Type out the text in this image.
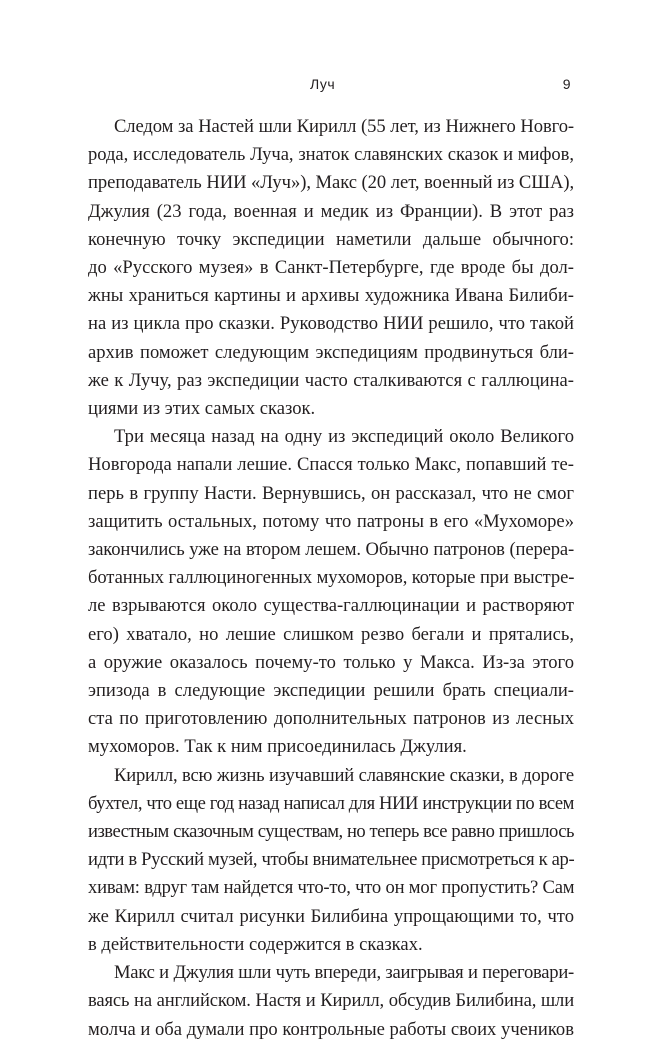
Луч	9
Следом за Настей шли Кирилл (55 лет, из Нижнего Новго-
рода, исследователь Луча, знаток славянских сказок и мифов,
преподаватель НИИ «Луч»), Макс (20 лет, военный из США),
Джулия (23 года, военная и медик из Франции). В этот раз
конечную точку экспедиции наметили дальше обычного:
до «Русского музея» в Санкт-Петербурге, где вроде бы дол-
жны храниться картины и архивы художника Ивана Билиби-
на из цикла про сказки. Руководство НИИ решило, что такой
архив поможет следующим экспедициям продвинуться бли-
же к Лучу, раз экспедиции часто сталкиваются с галлюцина-
циями из этих самых сказок.
Три месяца назад на одну из экспедиций около Великого
Новгорода напали лешие. Спасся только Макс, попавший те-
перь в группу Насти. Вернувшись, он рассказал, что не смог
защитить остальных, потому что патроны в его «Мухоморе»
закончились уже на втором лешем. Обычно патронов (перера-
ботанных галлюциногенных мухоморов, которые при выстре-
ле взрываются около существа-галлюцинации и растворяют
его) хватало, но лешие слишком резво бегали и прятались,
а оружие оказалось почему-то только у Макса. Из-за этого
эпизода в следующие экспедиции решили брать специали-
ста по приготовлению дополнительных патронов из лесных
мухоморов. Так к ним присоединилась Джулия.
Кирилл, всю жизнь изучавший славянские сказки, в дороге
бухтел, что еще год назад написал для НИИ инструкции по всем
известным сказочным существам, но теперь все равно пришлось
идти в Русский музей, чтобы внимательнее присмотреться к ар-
хивам: вдруг там найдется что-то, что он мог пропустить? Сам
же Кирилл считал рисунки Билибина упрощающими то, что
в действительности содержится в сказках.
Макс и Джулия шли чуть впереди, заигрывая и переговари-
ваясь на английском. Настя и Кирилл, обсудив Билибина, шли
молча и оба думали про контрольные работы своих учеников
